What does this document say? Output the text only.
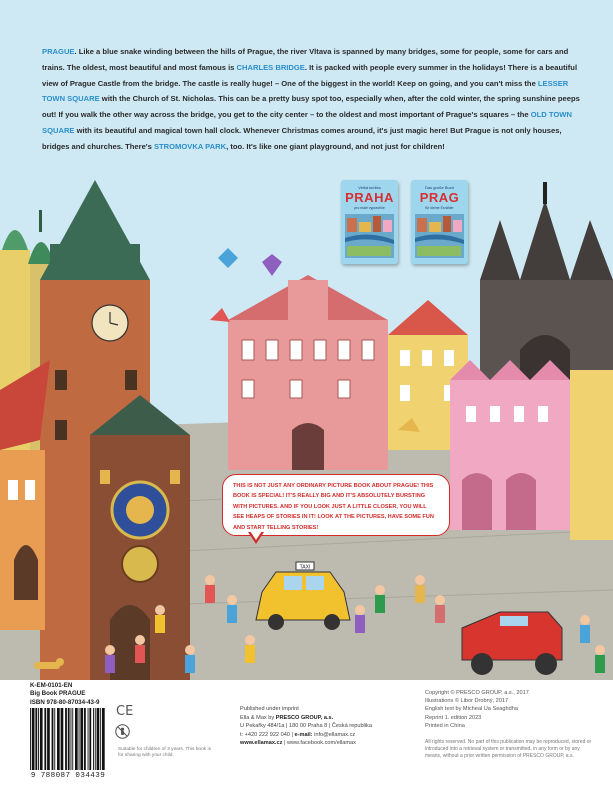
PRAGUE. Like a blue snake winding between the hills of Prague, the river Vltava is spanned by many bridges, some for people, some for cars and trains. The oldest, most beautiful and most famous is CHARLES BRIDGE. It is packed with people every summer in the holidays! There is a beautiful view of Prague Castle from the bridge. The castle is really huge! – One of the biggest in the world! Keep on going, and you can't miss the LESSER TOWN SQUARE with the Church of St. Nicholas. This can be a pretty busy spot too, especially when, after the cold winter, the spring sunshine peeps out! If you walk the other way across the bridge, you get to the city center – to the oldest and most important of Prague's squares – the OLD TOWN SQUARE with its beautiful and magical town hall clock. Whenever Christmas comes around, it's just magic here! But Prague is not only houses, bridges and churches. There's STROMOVKA PARK, too. It's like one giant playground, and not just for children!
Velká knížka
PRAHA
pro malé vypravěče
Das große Buch
PRAG
für kleine Erzähler
TAXI
THIS IS NOT JUST ANY ORDINARY PICTURE BOOK ABOUT PRAGUE! THIS BOOK IS SPECIAL! IT'S REALLY BIG AND IT'S ABSOLUTELY BURSTING WITH PICTURES. AND IF YOU LOOK JUST A LITTLE CLOSER, YOU WILL SEE HEAPS OF STORIES IN IT! LOOK AT THE PICTURES, HAVE SOME FUN AND START TELLING STORIES!
K-EM-0101-EN
Big Book PRAGUE
ISBN 978-80-87034-43-9
9 788087 034439
CE
Suitable for children of 3 years. This book is for sharing with your child.
Published under imprint
Ella & Max by PRESCO GROUP, a.s.
U Pekařky 484/1a | 180 00 Praha 8 | Česká republika
t: +420 222 922 040 | e-mail: info@ellamax.cz
www.ellamax.cz | www.facebook.com/ellamax
Copyright © PRESCO GROUP, a.s., 2017
Illustrations © Libor Drobný, 2017
English text by Micheal Ua Seaghdha
Reprint 1. edition 2023
Printed in China
All rights reserved. No part of this publication may be reproduced, stored or introduced into a retrieval system or transmitted, in any form or by any means, without a prior written permission of PRESCO GROUP, a.s.
